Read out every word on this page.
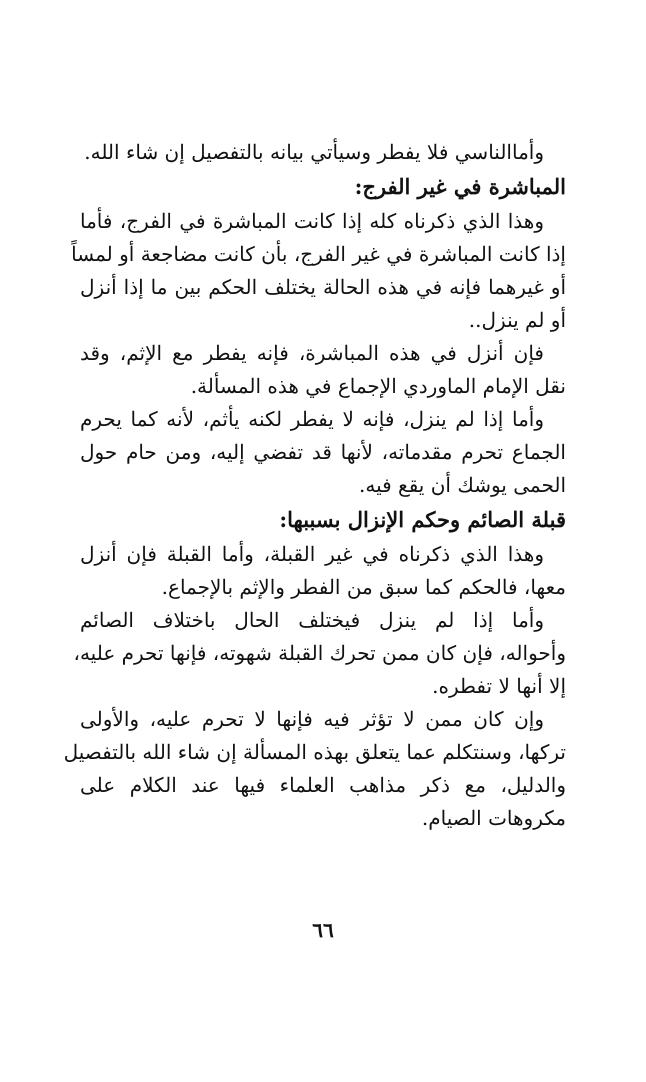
وأماالناسي فلا يفطر وسيأتي بيانه بالتفصيل إن شاء الله.
المباشرة في غير الفرج:
وهذا الذي ذكرناه كله إذا كانت المباشرة في الفرج، فأما
إذا كانت المباشرة في غير الفرج، بأن كانت مضاجعة أو لمساً
أو غيرهما فإنه في هذه الحالة يختلف الحكم بين ما إذا أنزل
أو لم ينزل..
فإن أنزل في هذه المباشرة، فإنه يفطر مع الإثم، وقد
نقل الإمام الماوردي الإجماع في هذه المسألة.
وأما إذا لم ينزل، فإنه لا يفطر لكنه يأثم، لأنه كما يحرم
الجماع تحرم مقدماته، لأنها قد تفضي إليه، ومن حام حول
الحمى يوشك أن يقع فيه.
قبلة الصائم وحكم الإنزال بسببها:
وهذا الذي ذكرناه في غير القبلة، وأما القبلة فإن أنزل
معها، فالحكم كما سبق من الفطر والإثم بالإجماع.
وأما إذا لم ينزل فيختلف الحال باختلاف الصائم
وأحواله، فإن كان ممن تحرك القبلة شهوته، فإنها تحرم عليه،
إلا أنها لا تفطره.
وإن كان ممن لا تؤثر فيه فإنها لا تحرم عليه، والأولى
تركها، وسنتكلم عما يتعلق بهذه المسألة إن شاء الله بالتفصيل
والدليل، مع ذكر مذاهب العلماء فيها عند الكلام على
مكروهات الصيام.
٦٦
